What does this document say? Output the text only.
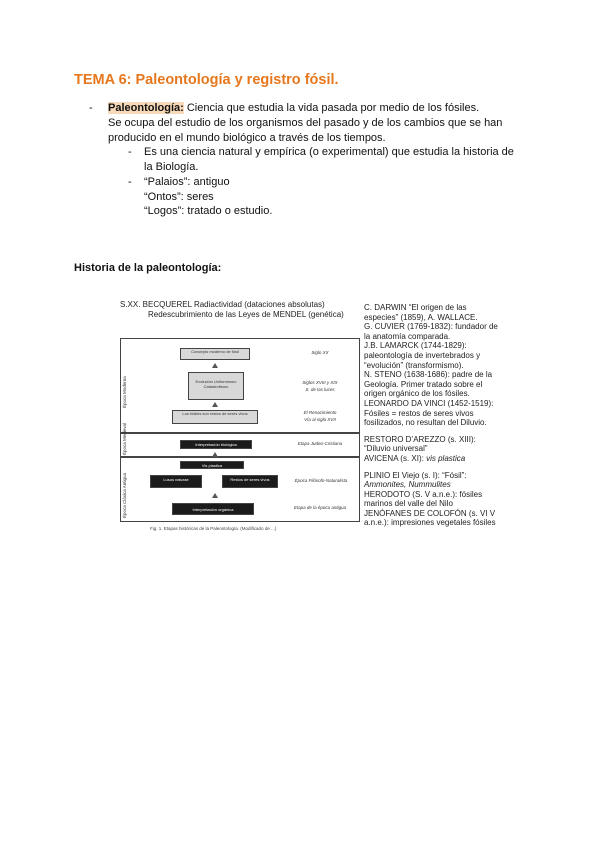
TEMA 6: Paleontología y registro fósil.
- Paleontología: Ciencia que estudia la vida pasada por medio de los fósiles.
Se ocupa del estudio de los organismos del pasado y de los cambios que se han
producido en el mundo biológico a través de los tiempos.
- Es una ciencia natural y empírica (o experimental) que estudia la historia de
la Biología.
- “Palaios”: antiguo
“Ontos”: seres
“Logos”: tratado o estudio.
Historia de la paleontología:
S.XX. BECQUEREL Radiactividad (dataciones absolutas)
Redescubrimiento de las Leyes de MENDEL (genética)
Época Moderna
Época Medieval
Época Clásica Antigua
Concepto moderno de fósil
Evolución Uniformismo Catastrofismo
Los fósiles son restos de seres vivos
Interpretación biológica
Vis plastica
Lusus naturae	Restos de seres vivos
Interpretación orgánica
Siglo XX
Siglos XVIII y XIX
S. de las luces
El Renacimiento
Vía al siglo XVII
Etapa Judeo-Cristiana
Época Filósofo-Naturalista
Etapa de la época antigua
Fig. 1. Etapas históricas de la Paleontología. (Modificado de ...)
C. DARWIN “El origen de las
especies” (1859), A. WALLACE.
G. CUVIER (1769-1832): fundador de
la anatomía comparada.
J.B. LAMARCK (1744-1829):
paleontología de invertebrados y
“evolución” (transformismo).
N. STENO (1638-1686): padre de la
Geología. Primer tratado sobre el
origen orgánico de los fósiles.
LEONARDO DA VINCI (1452-1519):
Fósiles = restos de seres vivos
fosilizados, no resultan del Diluvio.
RESTORO D’AREZZO (s. XIII):
“Diluvio universal”
AVICENA (s. XI): vis plastica
PLINIO El Viejo (s. I): “Fósil”:
Ammonites, Nummulites
HERODOTO (S. V a.n.e.): fósiles
marinos del valle del Nilo
JENÓFANES DE COLOFÓN (s. VI V
a.n.e.): impresiones vegetales fósiles
